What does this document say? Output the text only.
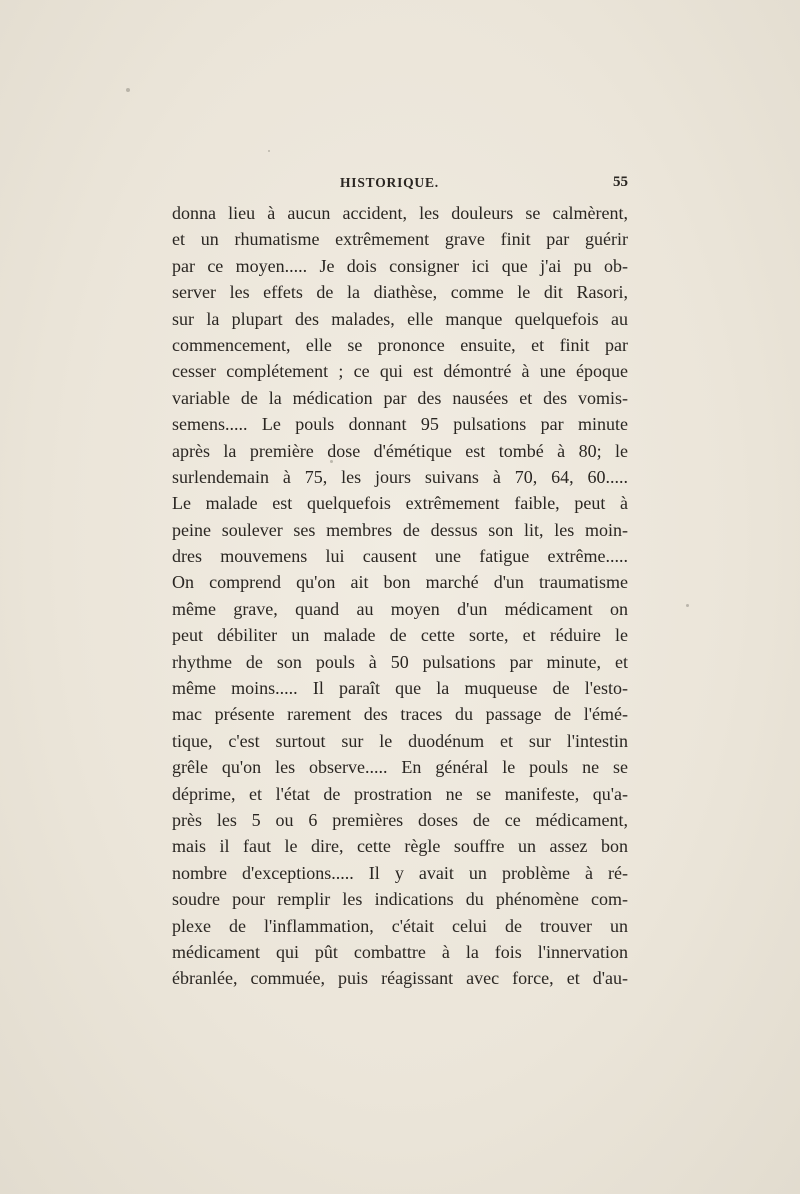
HISTORIQUE.	55
donna lieu à aucun accident, les douleurs se calmèrent,
et un rhumatisme extrêmement grave finit par guérir
par ce moyen..... Je dois consigner ici que j'ai pu ob-
server les effets de la diathèse, comme le dit Rasori,
sur la plupart des malades, elle manque quelquefois au
commencement, elle se prononce ensuite, et finit par
cesser complétement ; ce qui est démontré à une époque
variable de la médication par des nausées et des vomis-
semens..... Le pouls donnant 95 pulsations par minute
après la première dose d'émétique est tombé à 80; le
surlendemain à 75, les jours suivans à 70, 64, 60.....
Le malade est quelquefois extrêmement faible, peut à
peine soulever ses membres de dessus son lit, les moin-
dres mouvemens lui causent une fatigue extrême.....
On comprend qu'on ait bon marché d'un traumatisme
même grave, quand au moyen d'un médicament on
peut débiliter un malade de cette sorte, et réduire le
rhythme de son pouls à 50 pulsations par minute, et
même moins..... Il paraît que la muqueuse de l'esto-
mac présente rarement des traces du passage de l'émé-
tique, c'est surtout sur le duodénum et sur l'intestin
grêle qu'on les observe..... En général le pouls ne se
déprime, et l'état de prostration ne se manifeste, qu'a-
près les 5 ou 6 premières doses de ce médicament,
mais il faut le dire, cette règle souffre un assez bon
nombre d'exceptions..... Il y avait un problème à ré-
soudre pour remplir les indications du phénomène com-
plexe de l'inflammation, c'était celui de trouver un
médicament qui pût combattre à la fois l'innervation
ébranlée, commuée, puis réagissant avec force, et d'au-
